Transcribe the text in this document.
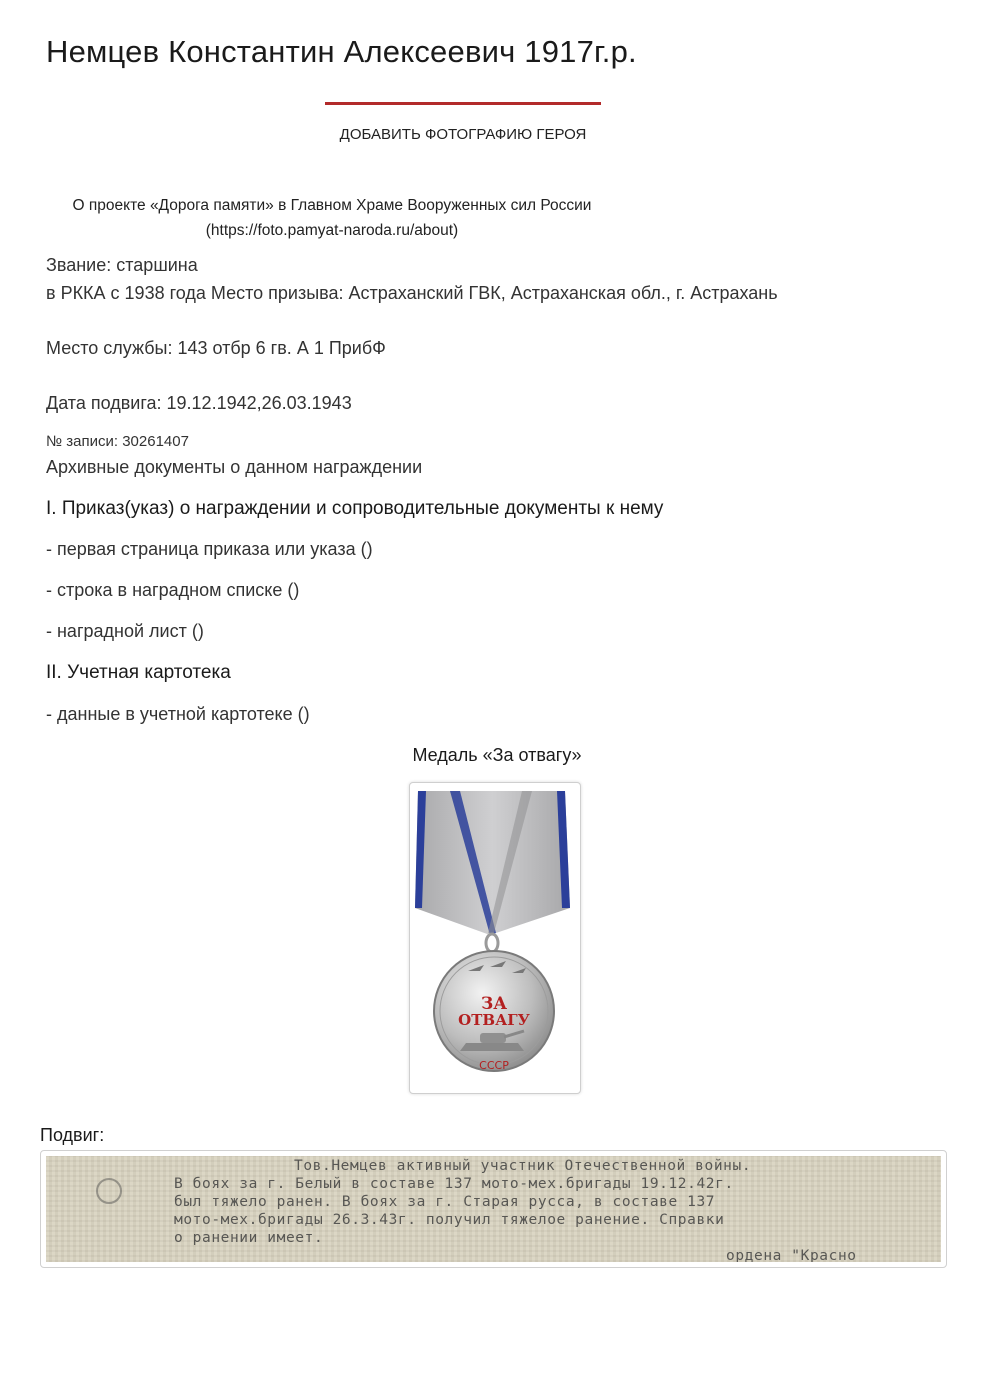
Немцев Константин Алексеевич 1917г.р.
ДОБАВИТЬ ФОТОГРАФИЮ ГЕРОЯ
О проекте «Дорога памяти» в Главном Храме Вооруженных сил России
(https://foto.pamyat-naroda.ru/about)
Звание: старшина
в РККА с 1938 года Место призыва: Астраханский ГВК, Астраханская обл., г. Астрахань
Место службы: 143 отбр 6 гв. А 1 ПрибФ
Дата подвига: 19.12.1942,26.03.1943
№ записи: 30261407
Архивные документы о данном награждении
I. Приказ(указ) о награждении и сопроводительные документы к нему
- первая страница приказа или указа ()
- строка в наградном списке ()
- наградной лист ()
II. Учетная картотека
- данные в учетной картотеке ()
Медаль «За отвагу»
ЗА
ОТВАГУ
СССР
Подвиг:
Тов.Немцев активный участник Отечественной войны.
В боях за г. Белый в составе 137 мото-мех.бригады 19.12.42г.
был тяжело ранен. В боях за г. Старая русса, в составе 137
мото-мех.бригады 26.3.43г. получил тяжелое ранение. Справки
о ранении имеет.
ордена "Красно
